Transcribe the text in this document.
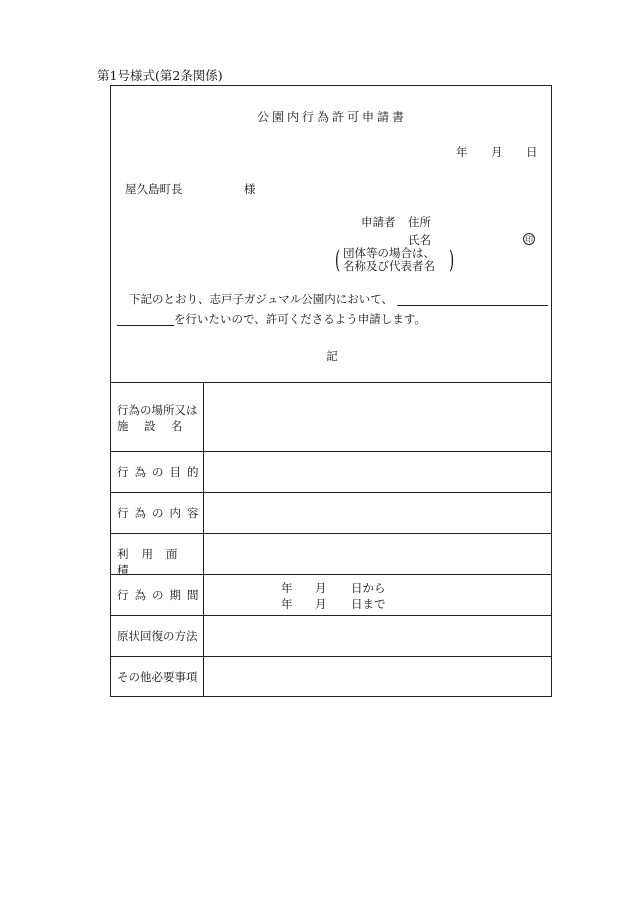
第1号様式(第2条関係)
公園内行為許可申請書
年 月 日
屋久島町長	様
申請者 住所
氏名	印
( 団体等の場合は、
名称及び代表者名 )
下記のとおり、志戸子ガジュマル公園内において、
を行いたいので、許可くださるよう申請します。
記
行為の場所又は
施　設　名
行為の目的
行為の内容
利用面積
行為の期間	年 月 日から
年 月 日まで
原状回復の方法
その他必要事項
